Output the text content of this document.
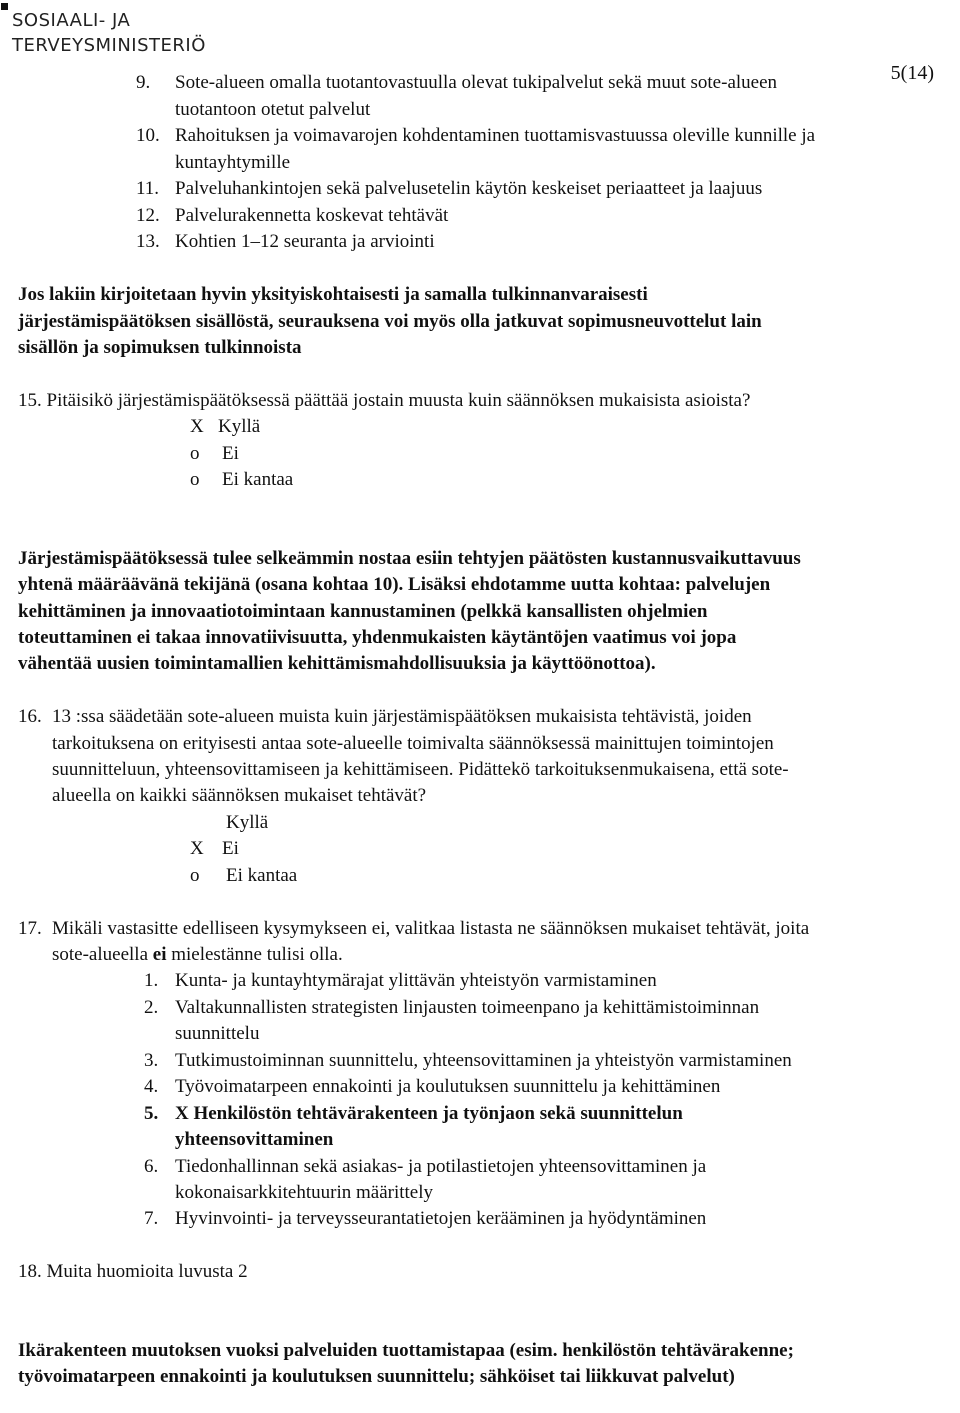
SOSIAALI- JA
TERVEYSMINISTERIÖ
5(14)
9. Sote-alueen omalla tuotantovastuulla olevat tukipalvelut sekä muut sote-alueen
tuotantoon otetut palvelut
10. Rahoituksen ja voimavarojen kohdentaminen tuottamisvastuussa oleville kunnille ja
kuntayhtymille
11. Palveluhankintojen sekä palvelusetelin käytön keskeiset periaatteet ja laajuus
12. Palvelurakennetta koskevat tehtävät
13. Kohtien 1–12 seuranta ja arviointi
Jos lakiin kirjoitetaan hyvin yksityiskohtaisesti ja samalla tulkinnanvaraisesti
järjestämispäätöksen sisällöstä, seurauksena voi myös olla jatkuvat sopimusneuvottelut lain
sisällön ja sopimuksen tulkinnoista
15. Pitäisikö järjestämispäätöksessä päättää jostain muusta kuin säännöksen mukaisista asioista?
X Kyllä
o Ei
o Ei kantaa
Järjestämispäätöksessä tulee selkeämmin nostaa esiin tehtyjen päätösten kustannusvaikuttavuus
yhtenä määräävänä tekijänä (osana kohtaa 10). Lisäksi ehdotamme uutta kohtaa: palvelujen
kehittäminen ja innovaatiotoimintaan kannustaminen (pelkkä kansallisten ohjelmien
toteuttaminen ei takaa innovatiivisuutta, yhdenmukaisten käytäntöjen vaatimus voi jopa
vähentää uusien toimintamallien kehittämismahdollisuuksia ja käyttöönottoa).
16. 13 :ssa säädetään sote-alueen muista kuin järjestämispäätöksen mukaisista tehtävistä, joiden
tarkoituksena on erityisesti antaa sote-alueelle toimivalta säännöksessä mainittujen toimintojen
suunnitteluun, yhteensovittamiseen ja kehittämiseen. Pidättekö tarkoituksenmukaisena, että sote-
alueella on kaikki säännöksen mukaiset tehtävät?
Kyllä
X Ei
o Ei kantaa
17. Mikäli vastasitte edelliseen kysymykseen ei, valitkaa listasta ne säännöksen mukaiset tehtävät, joita
sote-alueella ei mielestänne tulisi olla.
1. Kunta- ja kuntayhtymärajat ylittävän yhteistyön varmistaminen
2. Valtakunnallisten strategisten linjausten toimeenpano ja kehittämistoiminnan
suunnittelu
3. Tutkimustoiminnan suunnittelu, yhteensovittaminen ja yhteistyön varmistaminen
4. Työvoimatarpeen ennakointi ja koulutuksen suunnittelu ja kehittäminen
5. X Henkilöstön tehtävärakenteen ja työnjaon sekä suunnittelun
yhteensovittaminen
6. Tiedonhallinnan sekä asiakas- ja potilastietojen yhteensovittaminen ja
kokonaisarkkitehtuurin määrittely
7. Hyvinvointi- ja terveysseurantatietojen kerääminen ja hyödyntäminen
18. Muita huomioita luvusta 2
Ikärakenteen muutoksen vuoksi palveluiden tuottamistapaa (esim. henkilöstön tehtävärakenne;
työvoimatarpeen ennakointi ja koulutuksen suunnittelu; sähköiset tai liikkuvat palvelut)
